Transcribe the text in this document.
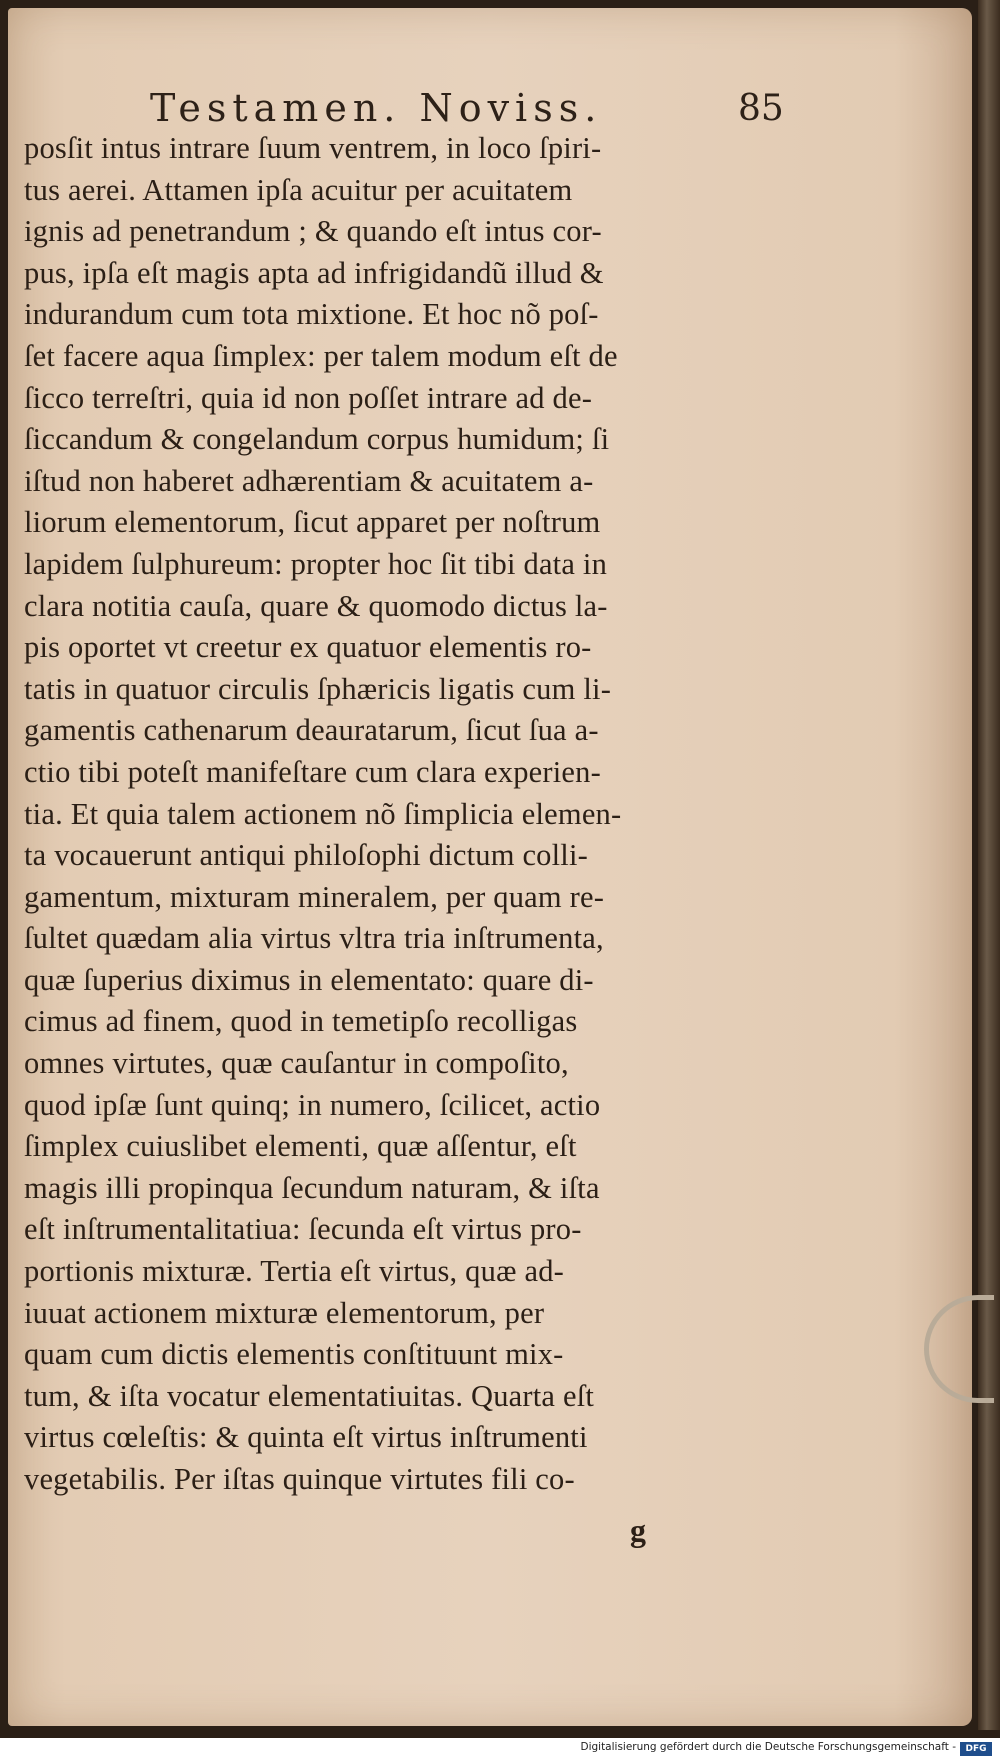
Testamen. Noviss.	85
posſit intus intrare ſuum ventrem, in loco ſpiri-
tus aerei. Attamen ipſa acuitur per acuitatem
ignis ad penetrandum ; & quando eſt intus cor-
pus, ipſa eſt magis apta ad infrigidandũ illud &
indurandum cum tota mixtione. Et hoc nõ poſ-
ſet facere aqua ſimplex: per talem modum eſt de
ſicco terreſtri, quia id non poſſet intrare ad de-
ſiccandum & congelandum corpus humidum; ſi
iſtud non haberet adhærentiam & acuitatem a-
liorum elementorum, ſicut apparet per noſtrum
lapidem ſulphureum: propter hoc ſit tibi data in
clara notitia cauſa, quare & quomodo dictus la-
pis oportet vt creetur ex quatuor elementis ro-
tatis in quatuor circulis ſphæricis ligatis cum li-
gamentis cathenarum deauratarum, ſicut ſua a-
ctio tibi poteſt manifeſtare cum clara experien-
tia. Et quia talem actionem nõ ſimplicia elemen-
ta vocauerunt antiqui philoſophi dictum colli-
gamentum, mixturam mineralem, per quam re-
ſultet quædam alia virtus vltra tria inſtrumenta,
quæ ſuperius diximus in elementato: quare di-
cimus ad finem, quod in temetipſo recolligas
omnes virtutes, quæ cauſantur in compoſito,
quod ipſæ ſunt quinq; in numero, ſcilicet, actio
ſimplex cuiuslibet elementi, quæ aſſentur, eſt
magis illi propinqua ſecundum naturam, & iſta
eſt inſtrumentalitatiua: ſecunda eſt virtus pro-
portionis mixturæ. Tertia eſt virtus, quæ ad-
iuuat actionem mixturæ elementorum, per
quam cum dictis elementis conſtituunt mix-
tum, & iſta vocatur elementatiuitas. Quarta eſt
virtus cœleſtis: & quinta eſt virtus inſtrumenti
vegetabilis. Per iſtas quinque virtutes fili co-
g
Digitalisierung gefördert durch die Deutsche Forschungsgemeinschaft -	DFG
